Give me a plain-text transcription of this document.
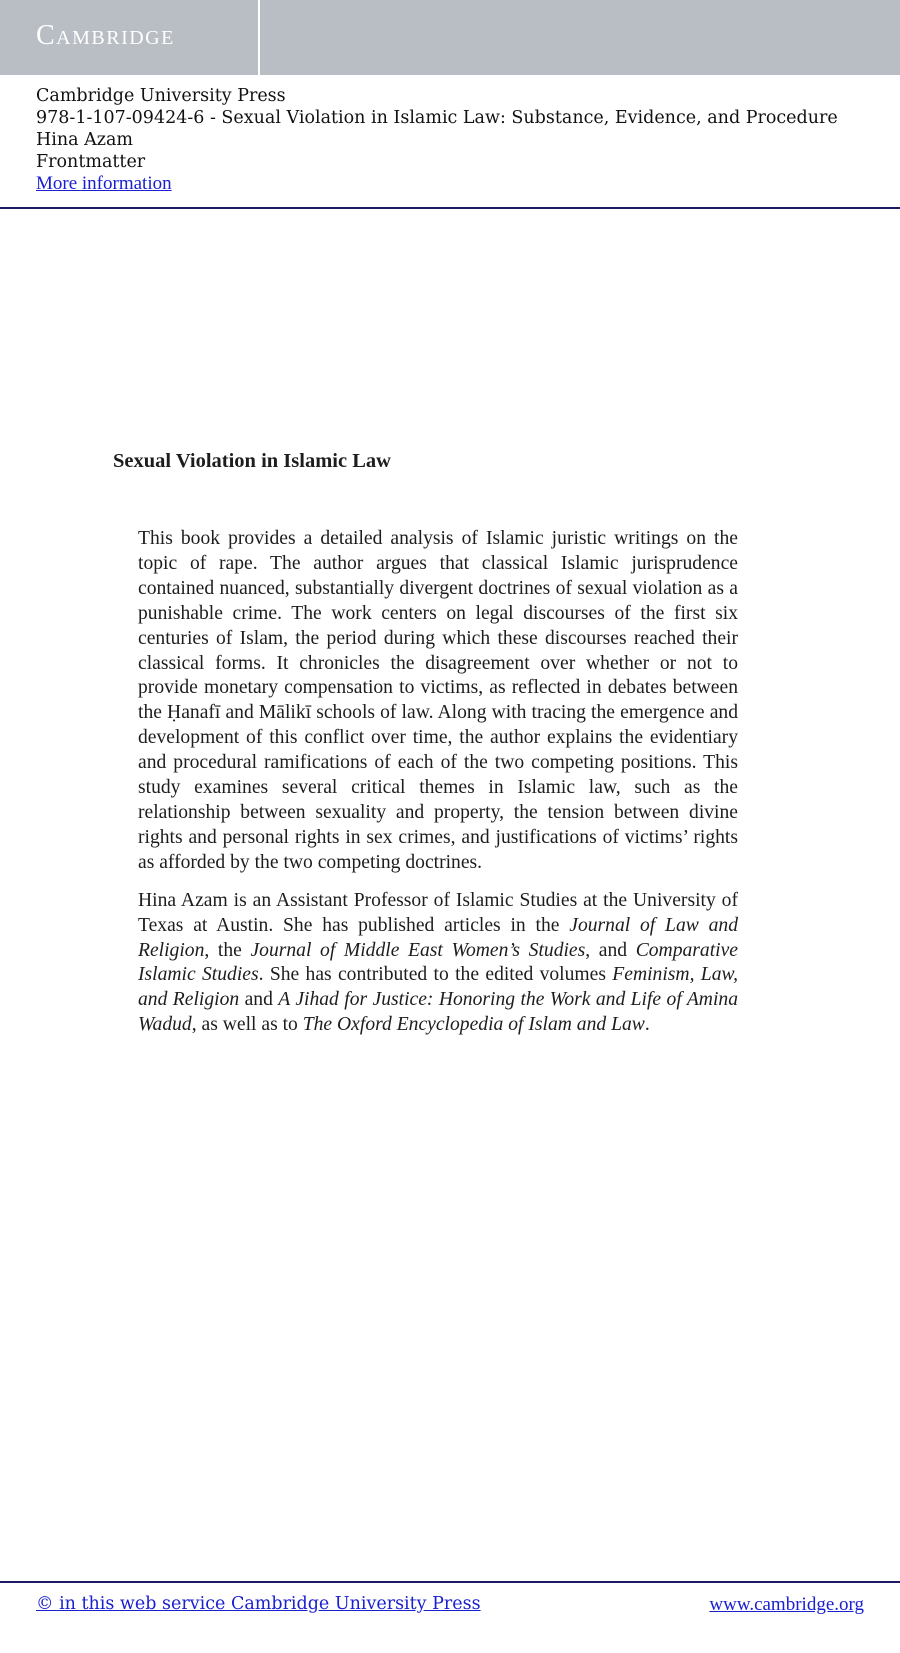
Cambridge
Cambridge University Press
978-1-107-09424-6 - Sexual Violation in Islamic Law: Substance, Evidence, and Procedure
Hina Azam
Frontmatter
More information
Sexual Violation in Islamic Law

This book provides a detailed analysis of Islamic juristic writings on the topic of rape. The author argues that classical Islamic jurisprudence contained nuanced, substantially divergent doctrines of sexual violation as a punishable crime. The work centers on legal discourses of the first six centuries of Islam, the period during which these discourses reached their classical forms. It chronicles the disagreement over whether or not to provide monetary compensation to victims, as reflected in debates between the Ḥanafī and Mālikī schools of law. Along with tracing the emergence and development of this conflict over time, the author explains the evidentiary and procedural ramifications of each of the two competing positions. This study examines several critical themes in Islamic law, such as the relationship between sexuality and property, the tension between divine rights and personal rights in sex crimes, and justifications of victims’ rights as afforded by the two competing doctrines.

Hina Azam is an Assistant Professor of Islamic Studies at the University of Texas at Austin. She has published articles in the Journal of Law and Religion, the Journal of Middle East Women’s Studies, and Comparative Islamic Studies. She has contributed to the edited volumes Feminism, Law, and Religion and A Jihad for Justice: Honoring the Work and Life of Amina Wadud, as well as to The Oxford Encyclopedia of Islam and Law.

© in this web service Cambridge University Press	www.cambridge.org
